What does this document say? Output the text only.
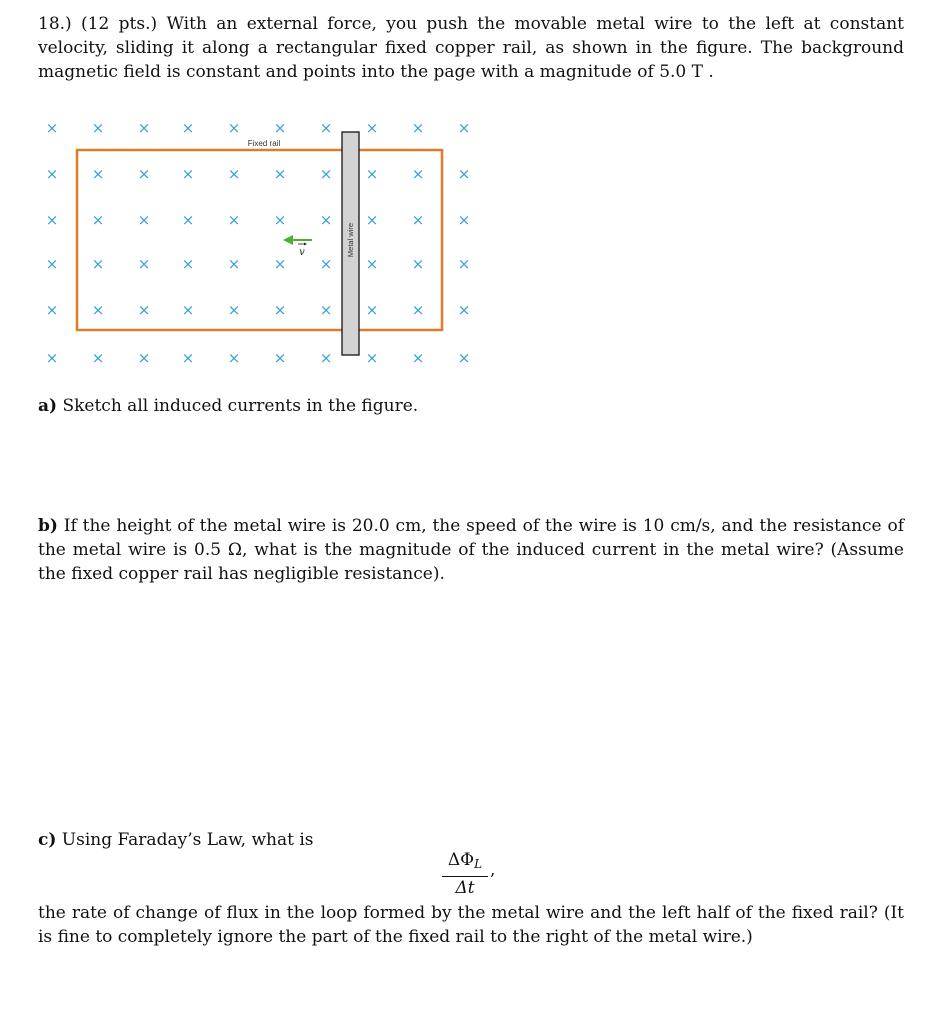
18.) (12 pts.) With an external force, you push the movable metal wire to the left at constant velocity, sliding it along a rectangular fixed copper rail, as shown in the figure. The background magnetic field is constant and points into the page with a magnitude of 5.0 T .

× × × × × × × × × ×
× × × × × × × × × ×
× × × × × × × × × ×
× × × × × × × × × ×
× × × × × × × × × ×
× × × × × × × × × ×
Fixed rail
Metal wire
v

a) Sketch all induced currents in the figure.

b) If the height of the metal wire is 20.0 cm, the speed of the wire is 10 cm/s, and the resistance of the metal wire is 0.5 Ω, what is the magnitude of the induced current in the metal wire? (Assume the fixed copper rail has negligible resistance).

c) Using Faraday’s Law, what is

$\Delta\Phi_L$
Δt
,

the rate of change of flux in the loop formed by the metal wire and the left half of the fixed rail? (It is fine to completely ignore the part of the fixed rail to the right of the metal wire.)
